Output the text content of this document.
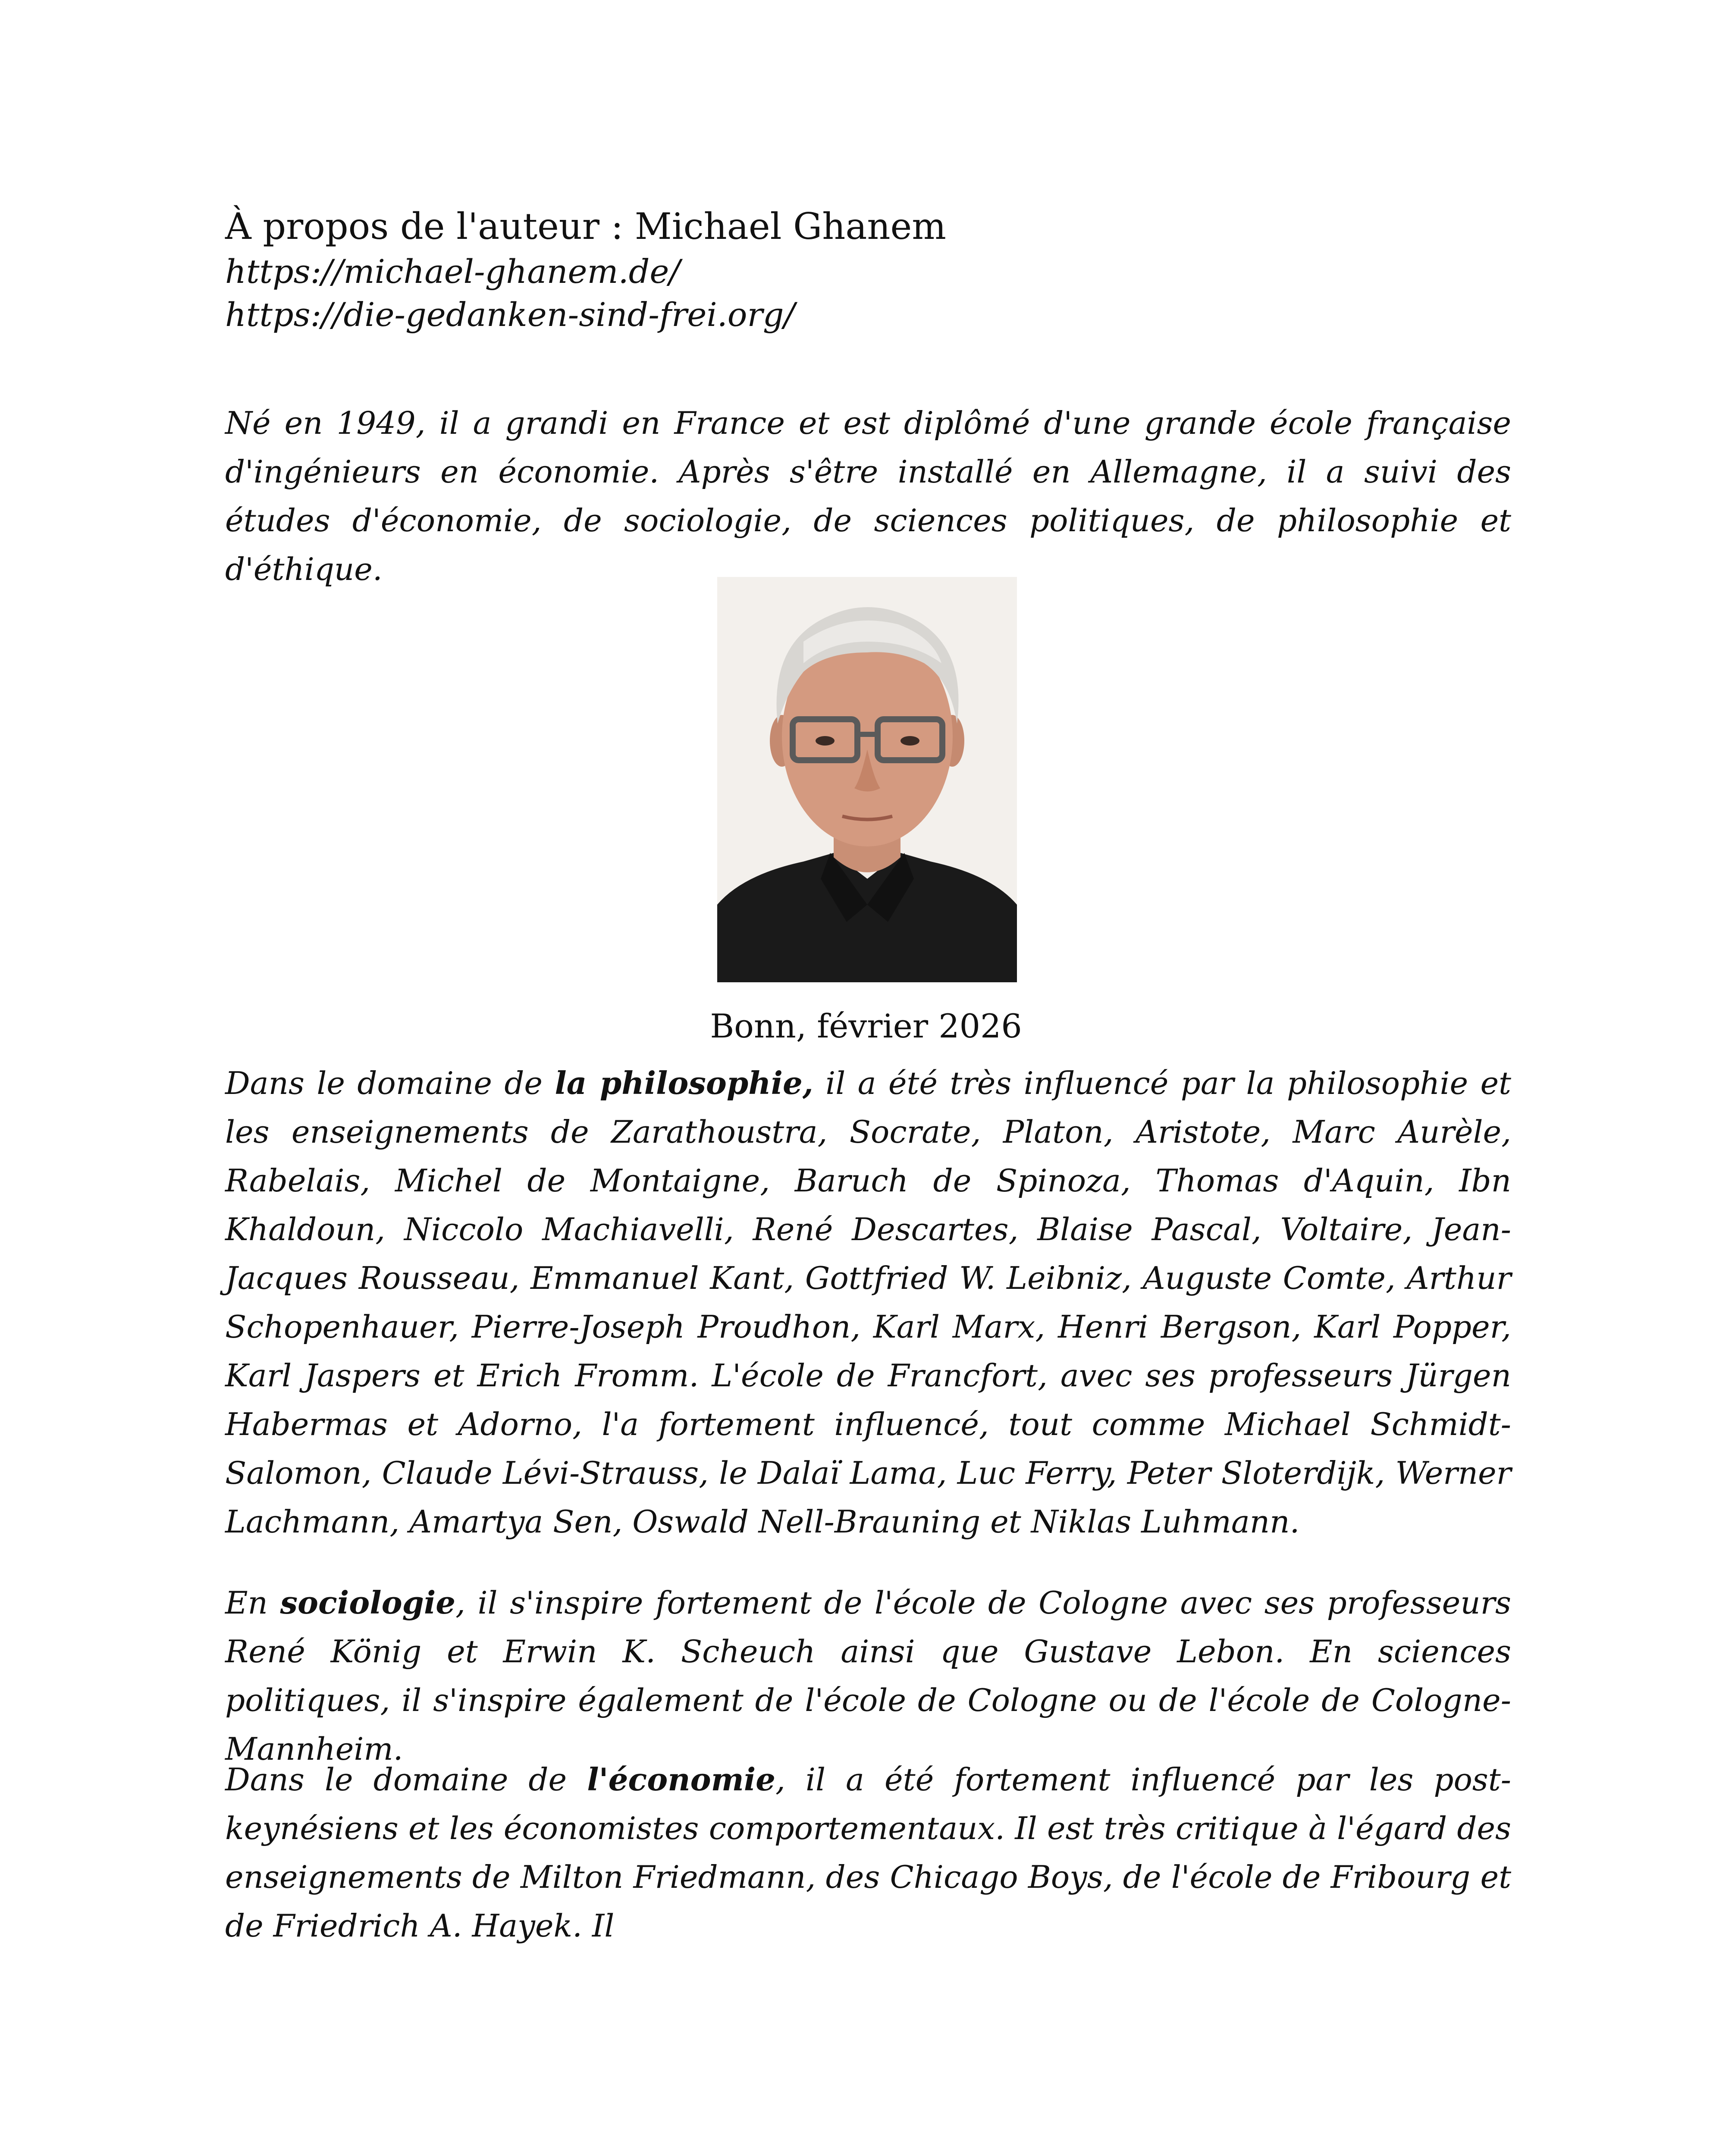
À propos de l'auteur : Michael Ghanem
https://michael-ghanem.de/
https://die-gedanken-sind-frei.org/

Né en 1949, il a grandi en France et est diplômé d'une grande école française d'ingénieurs en économie. Après s'être installé en Allemagne, il a suivi des études d'économie, de sociologie, de sciences politiques, de philosophie et d'éthique.

Bonn, février 2026

Dans le domaine de la philosophie, il a été très influencé par la philosophie et les enseignements de Zarathoustra, Socrate, Platon, Aristote, Marc Aurèle, Rabelais, Michel de Montaigne, Baruch de Spinoza, Thomas d'Aquin, Ibn Khaldoun, Niccolo Machiavelli, René Descartes, Blaise Pascal, Voltaire, Jean-Jacques Rousseau, Emmanuel Kant, Gottfried W. Leibniz, Auguste Comte, Arthur Schopenhauer, Pierre-Joseph Proudhon, Karl Marx, Henri Bergson, Karl Popper, Karl Jaspers et Erich Fromm. L'école de Francfort, avec ses professeurs Jürgen Habermas et Adorno, l'a fortement influencé, tout comme Michael Schmidt-Salomon, Claude Lévi-Strauss, le Dalaï Lama, Luc Ferry, Peter Sloterdijk, Werner Lachmann, Amartya Sen, Oswald Nell-Brauning et Niklas Luhmann.

En sociologie, il s'inspire fortement de l'école de Cologne avec ses professeurs René König et Erwin K. Scheuch ainsi que Gustave Lebon. En sciences politiques, il s'inspire également de l'école de Cologne ou de l'école de Cologne-Mannheim.

Dans le domaine de l'économie, il a été fortement influencé par les post-keynésiens et les économistes comportementaux. Il est très critique à l'égard des enseignements de Milton Friedmann, des Chicago Boys, de l'école de Fribourg et de Friedrich A. Hayek. Il
